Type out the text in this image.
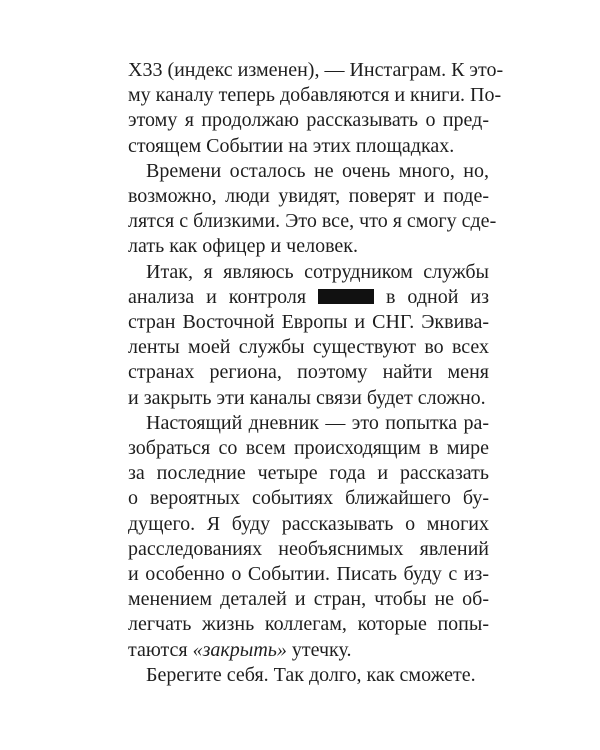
Х33 (индекс изменен), — Инстаграм. К это-
му каналу теперь добавляются и книги. По-
этому я продолжаю рассказывать о пред-
стоящем Событии на этих площадках.
Времени осталось не очень много, но,
возможно, люди увидят, поверят и поде-
лятся с близкими. Это все, что я смогу сде-
лать как офицер и человек.
Итак, я являюсь сотрудником службы
анализа и контроля	в одной из
стран Восточной Европы и СНГ. Эквива-
ленты моей службы существуют во всех
странах региона, поэтому найти меня
и закрыть эти каналы связи будет сложно.
Настоящий дневник — это попытка ра-
зобраться со всем происходящим в мире
за последние четыре года и рассказать
о вероятных событиях ближайшего бу-
дущего. Я буду рассказывать о многих
расследованиях необъяснимых явлений
и особенно о Событии. Писать буду с из-
менением деталей и стран, чтобы не об-
легчать жизнь коллегам, которые попы-
таются «закрыть» утечку.
Берегите себя. Так долго, как сможете.
